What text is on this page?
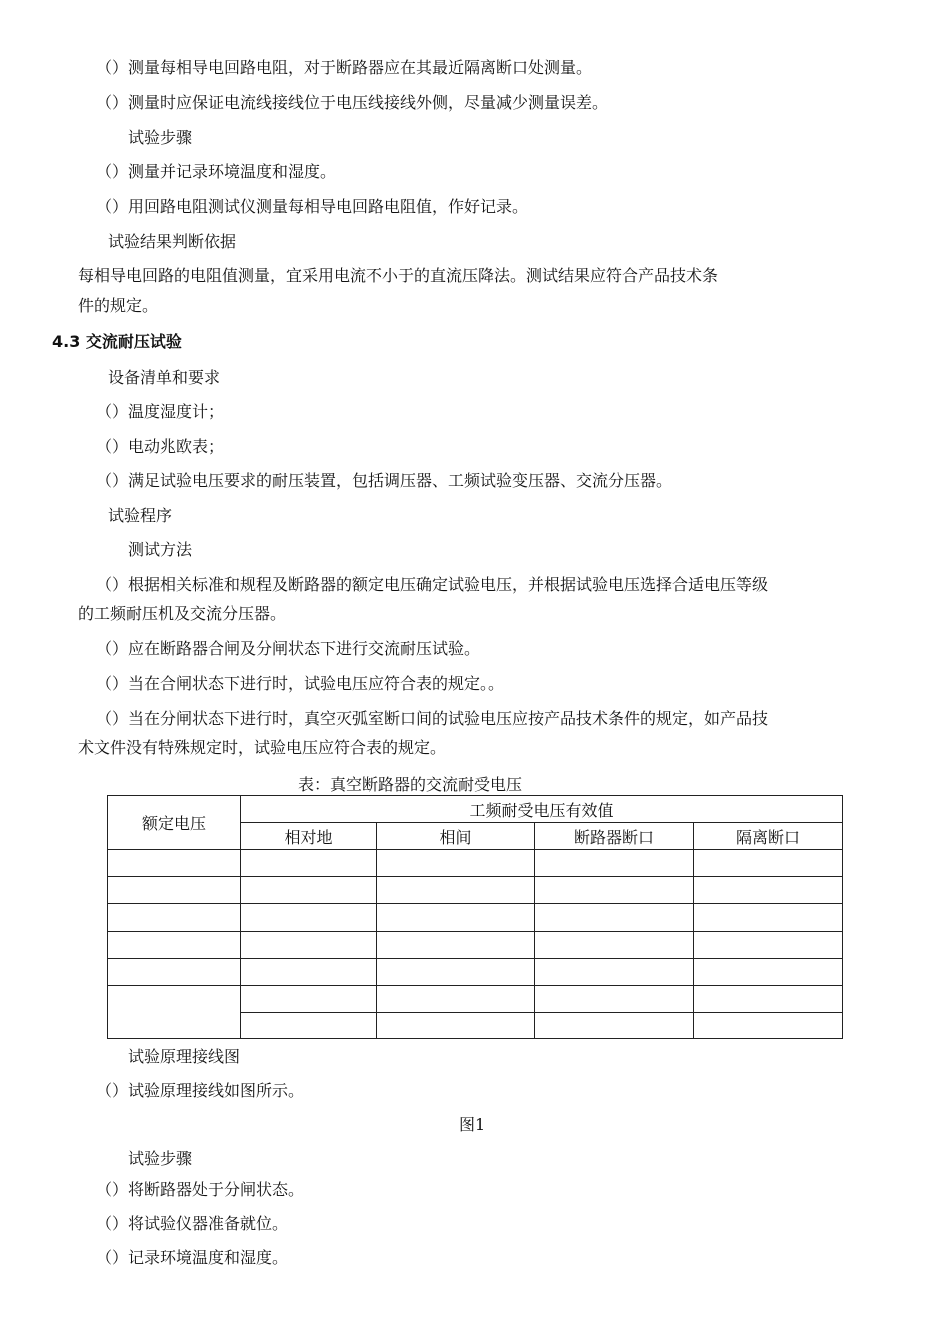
（）测量每相导电回路电阻，对于断路器应在其最近隔离断口处测量。
（）测量时应保证电流线接线位于电压线接线外侧，尽量减少测量误差。
试验步骤
（）测量并记录环境温度和湿度。
（）用回路电阻测试仪测量每相导电回路电阻值，作好记录。
试验结果判断依据
每相导电回路的电阻值测量，宜采用电流不小于的直流压降法。测试结果应符合产品技术条
件的规定。
4.3 交流耐压试验
设备清单和要求
（）温度湿度计；
（）电动兆欧表；
（）满足试验电压要求的耐压装置，包括调压器、工频试验变压器、交流分压器。
试验程序
测试方法
（）根据相关标准和规程及断路器的额定电压确定试验电压，并根据试验电压选择合适电压等级
的工频耐压机及交流分压器。
（）应在断路器合闸及分闸状态下进行交流耐压试验。
（）当在合闸状态下进行时，试验电压应符合表的规定。。
（）当在分闸状态下进行时，真空灭弧室断口间的试验电压应按产品技术条件的规定，如产品技
术文件没有特殊规定时，试验电压应符合表的规定。
表：真空断路器的交流耐受电压
额定电压	工频耐受电压有效值			
	相对地	相间	断路器断口	隔离断口

试验原理接线图
（）试验原理接线如图所示。
图1
试验步骤
（）将断路器处于分闸状态。
（）将试验仪器准备就位。
（）记录环境温度和湿度。
